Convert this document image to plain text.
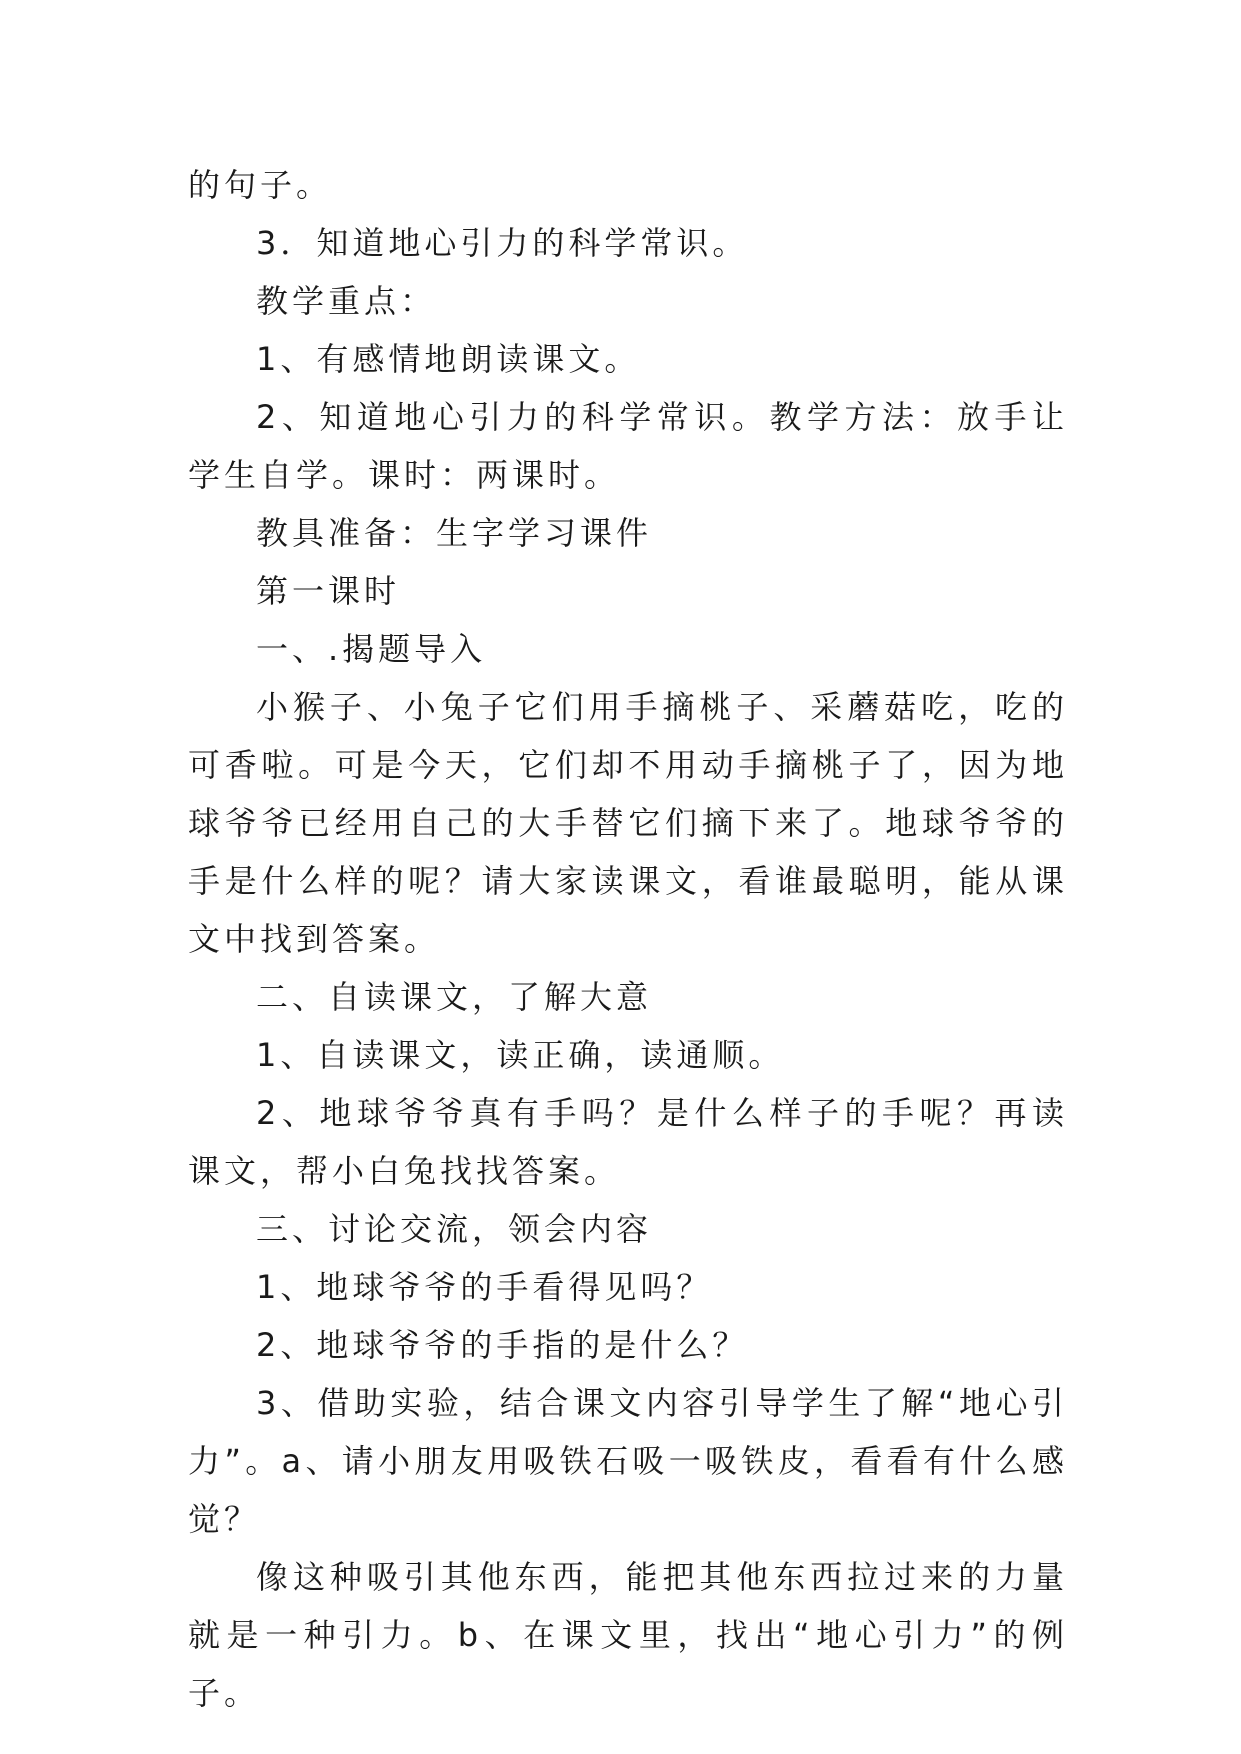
的句子。

3．知道地心引力的科学常识。

教学重点：

1、有感情地朗读课文。

2、知道地心引力的科学常识。教学方法：放手让学生自学。课时：两课时。

教具准备：生字学习课件

第一课时

一、.揭题导入

小猴子、小兔子它们用手摘桃子、采蘑菇吃，吃的可香啦。可是今天，它们却不用动手摘桃子了，因为地球爷爷已经用自己的大手替它们摘下来了。地球爷爷的手是什么样的呢？请大家读课文，看谁最聪明，能从课文中找到答案。

二、自读课文，了解大意

1、自读课文，读正确，读通顺。

2、地球爷爷真有手吗？是什么样子的手呢？再读课文，帮小白兔找找答案。

三、讨论交流，领会内容

1、地球爷爷的手看得见吗？

2、地球爷爷的手指的是什么？

3、借助实验，结合课文内容引导学生了解“地心引力”。a、请小朋友用吸铁石吸一吸铁皮，看看有什么感觉？

像这种吸引其他东西，能把其他东西拉过来的力量就是一种引力。b、在课文里，找出“地心引力”的例子。
